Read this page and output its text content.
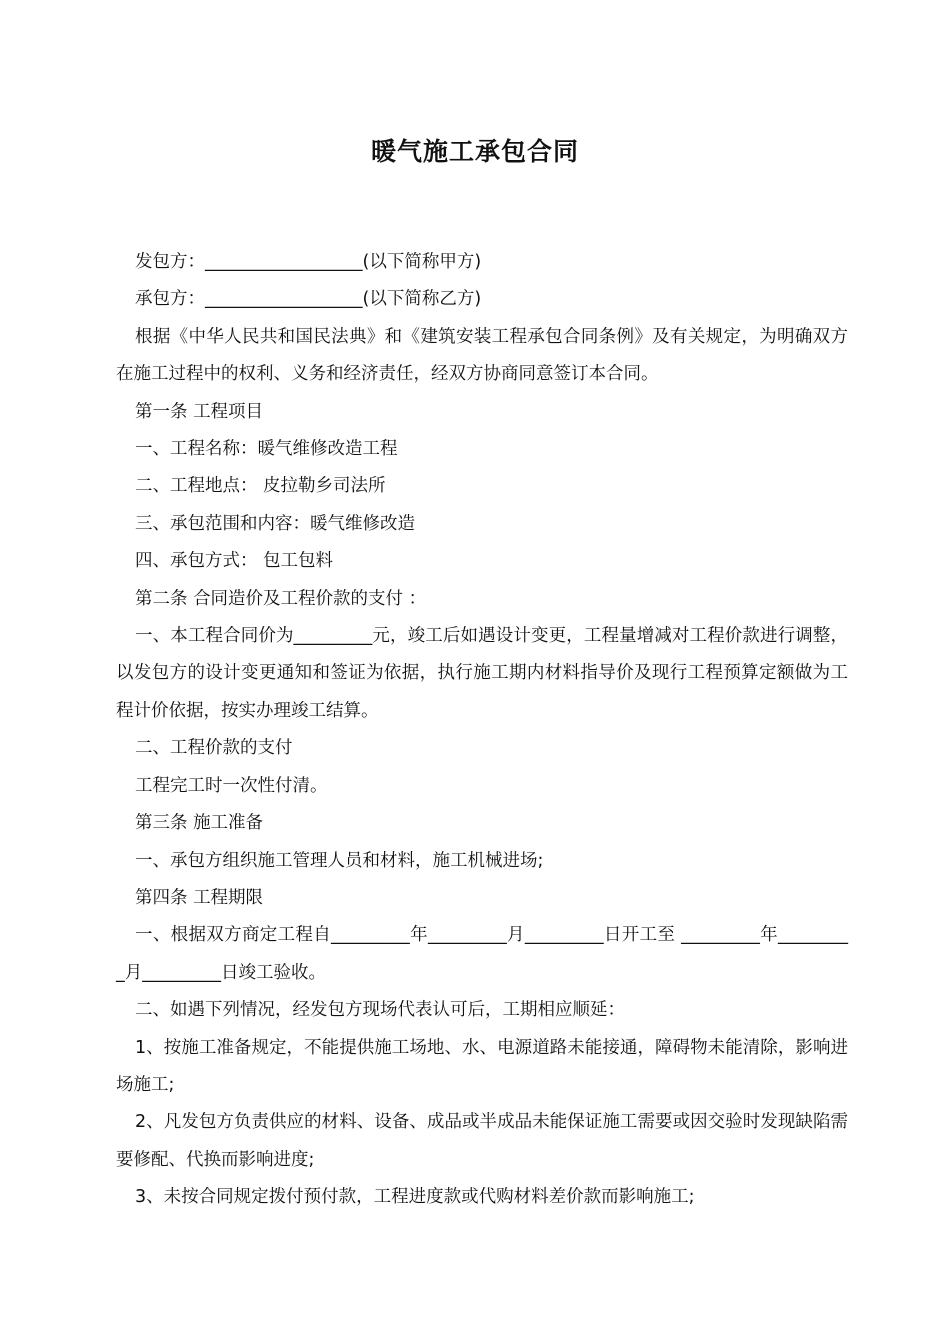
暖气施工承包合同

发包方：__________________(以下简称甲方)

承包方：__________________(以下简称乙方)

根据《中华人民共和国民法典》和《建筑安装工程承包合同条例》及有关规定，为明确双方在施工过程中的权利、义务和经济责任，经双方协商同意签订本合同。

第一条 工程项目

一、工程名称：暖气维修改造工程

二、工程地点： 皮拉勒乡司法所

三、承包范围和内容：暖气维修改造

四、承包方式： 包工包料

第二条 合同造价及工程价款的支付 ：

一、本工程合同价为_________元，竣工后如遇设计变更，工程量增减对工程价款进行调整，以发包方的设计变更通知和签证为依据，执行施工期内材料指导价及现行工程预算定额做为工程计价依据，按实办理竣工结算。

二、工程价款的支付

工程完工时一次性付清。

第三条 施工准备

一、承包方组织施工管理人员和材料，施工机械进场;

第四条 工程期限

一、根据双方商定工程自_________年_________月_________日开工至 _________年_________月_________日竣工验收。

二、如遇下列情况，经发包方现场代表认可后，工期相应顺延：

1、按施工准备规定，不能提供施工场地、水、电源道路未能接通，障碍物未能清除，影响进场施工;

2、凡发包方负责供应的材料、设备、成品或半成品未能保证施工需要或因交验时发现缺陷需要修配、代换而影响进度;

3、未按合同规定拨付预付款，工程进度款或代购材料差价款而影响施工;
